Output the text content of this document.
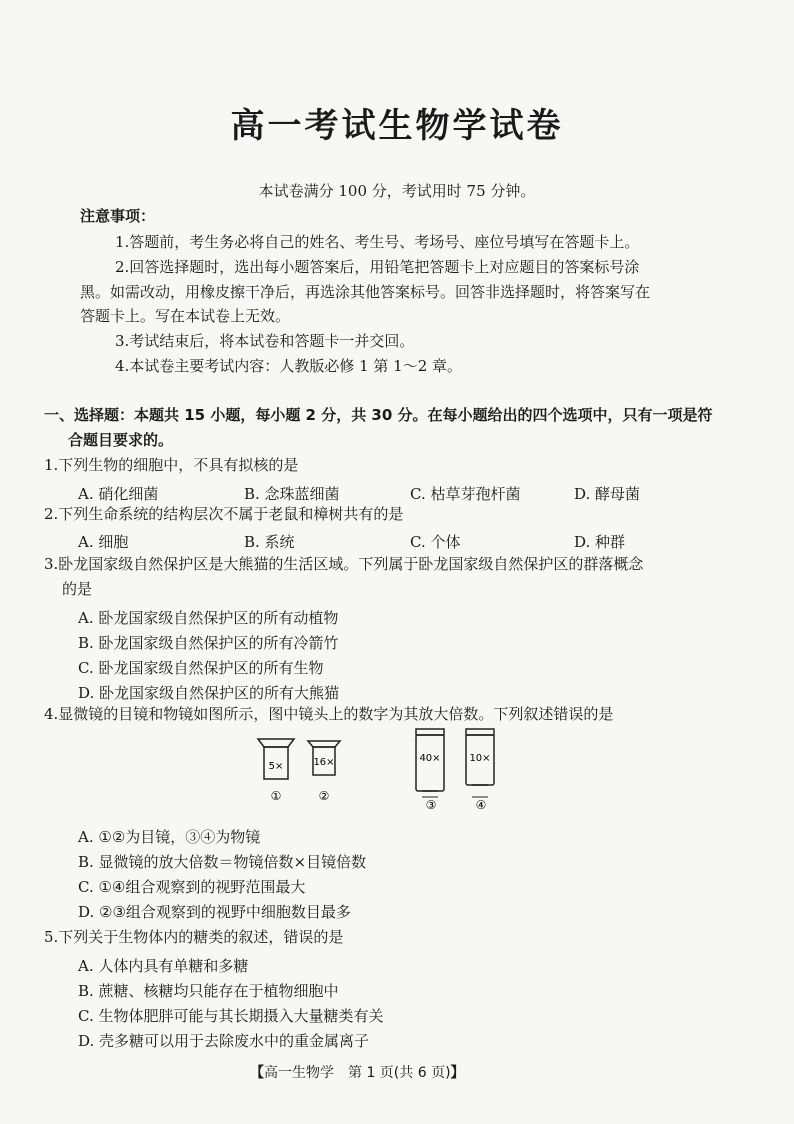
高一考试生物学试卷
本试卷满分 100 分，考试用时 75 分钟。
注意事项：
1.答题前，考生务必将自己的姓名、考生号、考场号、座位号填写在答题卡上。
2.回答选择题时，选出每小题答案后，用铅笔把答题卡上对应题目的答案标号涂
黑。如需改动，用橡皮擦干净后，再选涂其他答案标号。回答非选择题时，将答案写在
答题卡上。写在本试卷上无效。
3.考试结束后，将本试卷和答题卡一并交回。
4.本试卷主要考试内容：人教版必修 1 第 1～2 章。
一、选择题：本题共 15 小题，每小题 2 分，共 30 分。在每小题给出的四个选项中，只有一项是符
合题目要求的。
1.下列生物的细胞中，不具有拟核的是
A. 硝化细菌	B. 念珠蓝细菌	C. 枯草芽孢杆菌	D. 酵母菌
2.下列生命系统的结构层次不属于老鼠和樟树共有的是
A. 细胞	B. 系统	C. 个体	D. 种群
3.卧龙国家级自然保护区是大熊猫的生活区域。下列属于卧龙国家级自然保护区的群落概念
的是
A. 卧龙国家级自然保护区的所有动植物
B. 卧龙国家级自然保护区的所有冷箭竹
C. 卧龙国家级自然保护区的所有生物
D. 卧龙国家级自然保护区的所有大熊猫
4.显微镜的目镜和物镜如图所示，图中镜头上的数字为其放大倍数。下列叙述错误的是
5×
①
16×
②
40×
③
10×
④
A. ①②为目镜，③④为物镜
B. 显微镜的放大倍数＝物镜倍数×目镜倍数
C. ①④组合观察到的视野范围最大
D. ②③组合观察到的视野中细胞数目最多
5.下列关于生物体内的糖类的叙述，错误的是
A. 人体内具有单糖和多糖
B. 蔗糖、核糖均只能存在于植物细胞中
C. 生物体肥胖可能与其长期摄入大量糖类有关
D. 壳多糖可以用于去除废水中的重金属离子
【高一生物学　第 1 页(共 6 页)】
